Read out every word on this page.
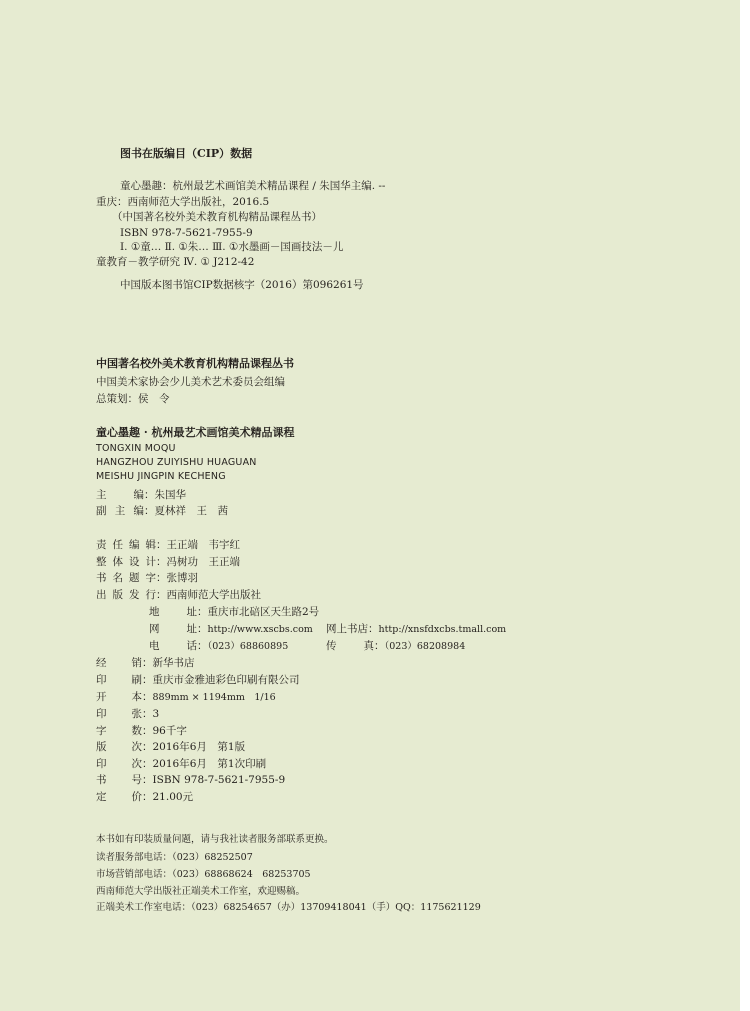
图书在版编目（CIP）数据
童心墨趣：杭州最艺术画馆美术精品课程 / 朱国华主编. --
重庆：西南师范大学出版社，2016.5
（中国著名校外美术教育机构精品课程丛书）
ISBN 978-7-5621-7955-9
Ⅰ. ①童… Ⅱ. ①朱… Ⅲ. ①水墨画－国画技法－儿
童教育－教学研究 Ⅳ. ① J212-42
中国版本图书馆CIP数据核字（2016）第096261号
中国著名校外美术教育机构精品课程丛书
中国美术家协会少儿美术艺术委员会组编
总策划：侯　令
童心墨趣 · 杭州最艺术画馆美术精品课程
TONGXIN MOQU
HANGZHOU ZUIYISHU HUAGUAN
MEISHU JINGPIN KECHENG
主编：朱国华
副主编：夏林祥　王　茜
责任编辑：王正端　韦宇红
整体设计：冯树功　王正端
书名题字：张博羽
出版发行：西南师范大学出版社
地址：重庆市北碚区天生路2号
网址：http://www.xscbs.com 网上书店：http://xnsfdxcbs.tmall.com
电话：（023）68860895	传真：（023）68208984
经销：新华书店
印刷：重庆市金雅迪彩色印刷有限公司
开本：889mm × 1194mm　1/16
印张：3
字数：96千字
版次：2016年6月　第1版
印次：2016年6月　第1次印刷
书号：ISBN 978-7-5621-7955-9
定价：21.00元
本书如有印装质量问题，请与我社读者服务部联系更换。
读者服务部电话：（023）68252507
市场营销部电话：（023）68868624　68253705
西南师范大学出版社正端美术工作室，欢迎赐稿。
正端美术工作室电话：（023）68254657（办）13709418041（手）QQ：1175621129
